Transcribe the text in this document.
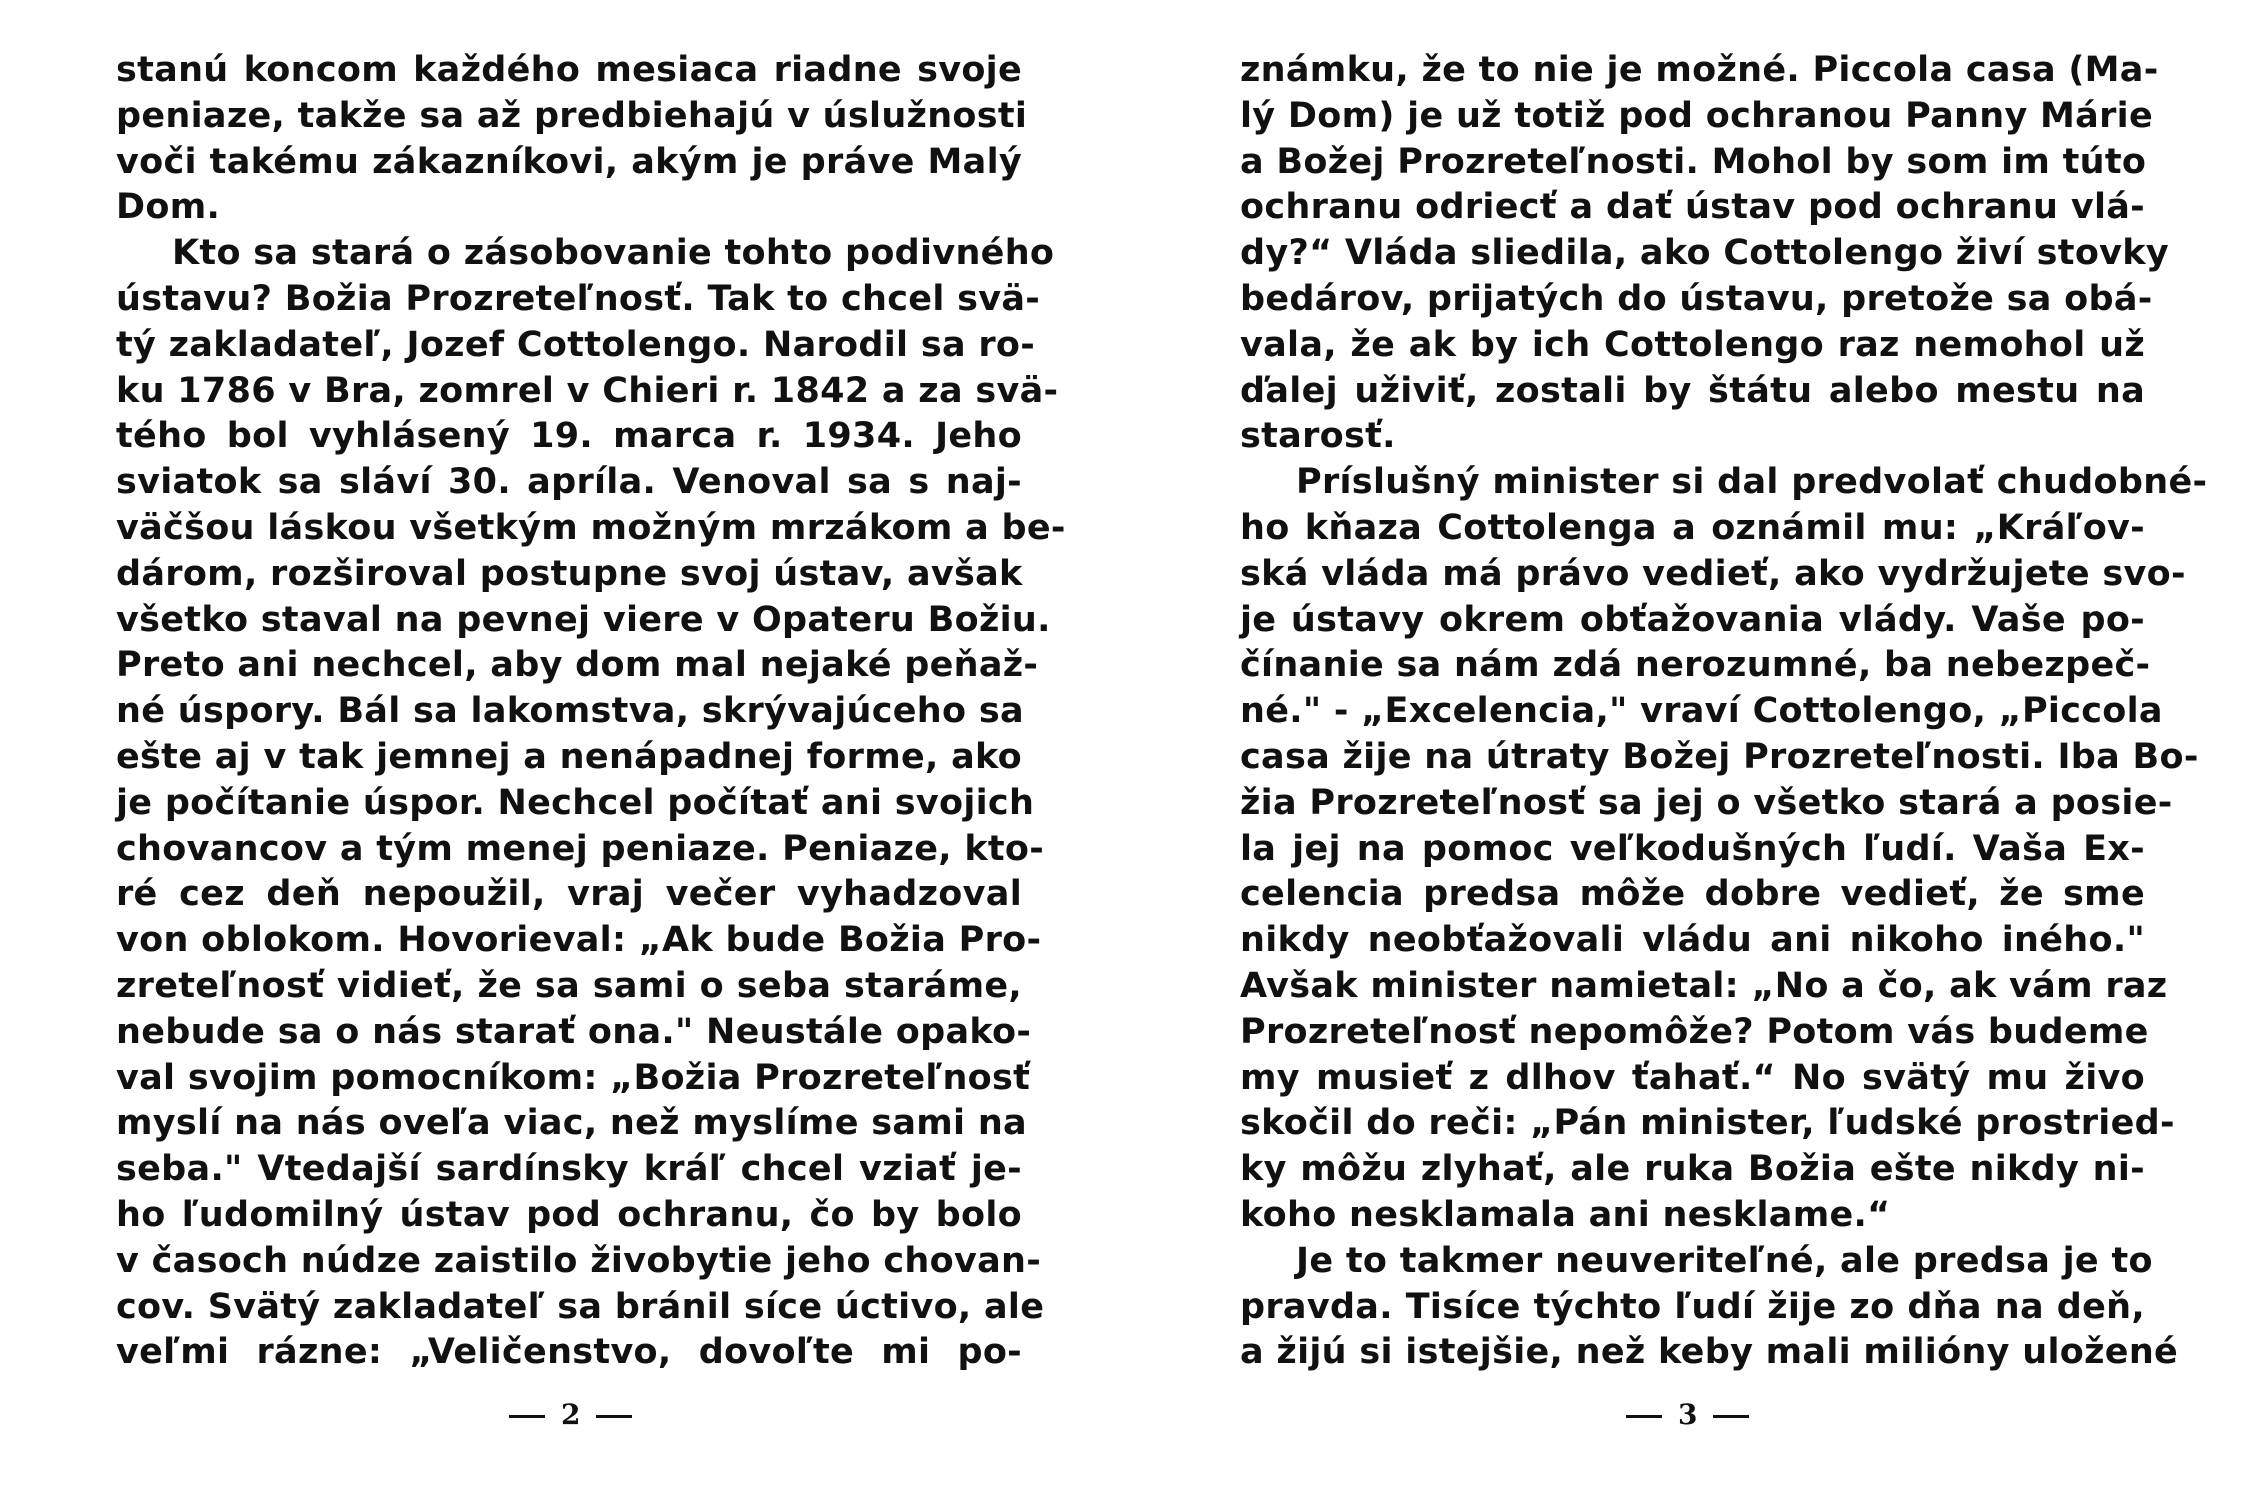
stanú koncom každého mesiaca riadne svoje
peniaze, takže sa až predbiehajú v úslužnosti
voči takému zákazníkovi, akým je práve Malý
Dom.
Kto sa stará o zásobovanie tohto podivného
ústavu? Božia Prozreteľnosť. Tak to chcel svä-
tý zakladateľ, Jozef Cottolengo. Narodil sa ro-
ku 1786 v Bra, zomrel v Chieri r. 1842 a za svä-
tého bol vyhlásený 19. marca r. 1934. Jeho
sviatok sa sláví 30. apríla. Venoval sa s naj-
väčšou láskou všetkým možným mrzákom a be-
dárom, rozširoval postupne svoj ústav, avšak
všetko staval na pevnej viere v Opateru Božiu.
Preto ani nechcel, aby dom mal nejaké peňaž-
né úspory. Bál sa lakomstva, skrývajúceho sa
ešte aj v tak jemnej a nenápadnej forme, ako
je počítanie úspor. Nechcel počítať ani svojich
chovancov a tým menej peniaze. Peniaze, kto-
ré cez deň nepoužil, vraj večer vyhadzoval
von oblokom. Hovorieval: „Ak bude Božia Pro-
zreteľnosť vidieť, že sa sami o seba staráme,
nebude sa o nás starať ona." Neustále opako-
val svojim pomocníkom: „Božia Prozreteľnosť
myslí na nás oveľa viac, než myslíme sami na
seba." Vtedajší sardínsky kráľ chcel vziať je-
ho ľudomilný ústav pod ochranu, čo by bolo
v časoch núdze zaistilo živobytie jeho chovan-
cov. Svätý zakladateľ sa bránil síce úctivo, ale
veľmi rázne: „Veličenstvo, dovoľte mi po-
známku, že to nie je možné. Piccola casa (Ma-
lý Dom) je už totiž pod ochranou Panny Márie
a Božej Prozreteľnosti. Mohol by som im túto
ochranu odriecť a dať ústav pod ochranu vlá-
dy?“ Vláda sliedila, ako Cottolengo živí stovky
bedárov, prijatých do ústavu, pretože sa obá-
vala, že ak by ich Cottolengo raz nemohol už
ďalej uživiť, zostali by štátu alebo mestu na
starosť.
Príslušný minister si dal predvolať chudobné-
ho kňaza Cottolenga a oznámil mu: „Kráľov-
ská vláda má právo vedieť, ako vydržujete svo-
je ústavy okrem obťažovania vlády. Vaše po-
čínanie sa nám zdá nerozumné, ba nebezpeč-
né." - „Excelencia," vraví Cottolengo, „Piccola
casa žije na útraty Božej Prozreteľnosti. Iba Bo-
žia Prozreteľnosť sa jej o všetko stará a posie-
la jej na pomoc veľkodušných ľudí. Vaša Ex-
celencia predsa môže dobre vedieť, že sme
nikdy neobťažovali vládu ani nikoho iného."
Avšak minister namietal: „No a čo, ak vám raz
Prozreteľnosť nepomôže? Potom vás budeme
my musieť z dlhov ťahať.“ No svätý mu živo
skočil do reči: „Pán minister, ľudské prostried-
ky môžu zlyhať, ale ruka Božia ešte nikdy ni-
koho nesklamala ani nesklame.“
Je to takmer neuveriteľné, ale predsa je to
pravda. Tisíce týchto ľudí žije zo dňa na deň,
a žijú si istejšie, než keby mali milióny uložené
2	3
